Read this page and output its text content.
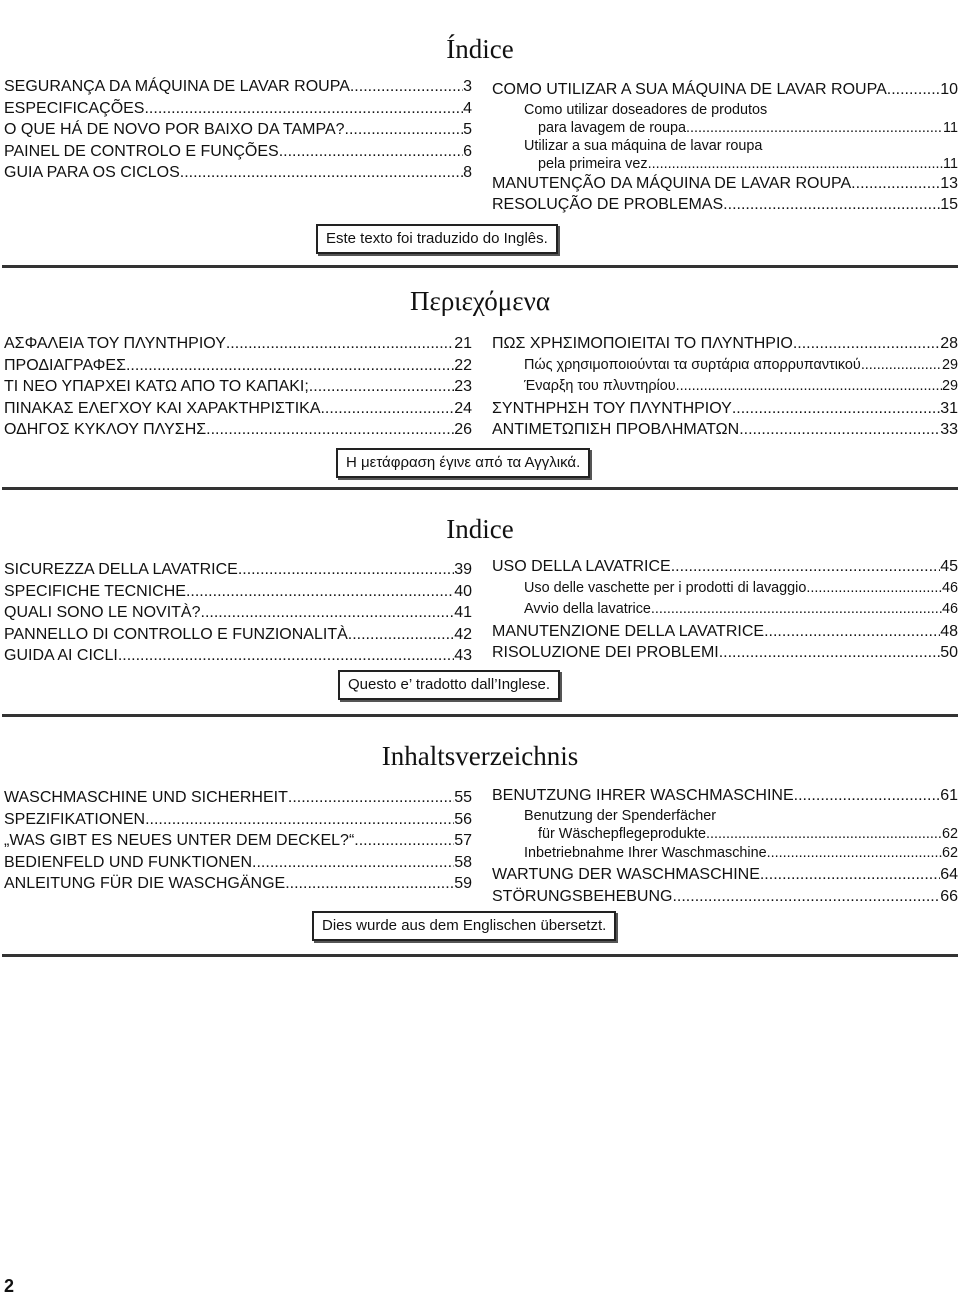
Índice
SEGURANÇA DA MÁQUINA DE LAVAR ROUPA .....	3
ESPECIFICAÇÕES .....	4
O QUE HÁ DE NOVO POR BAIXO DA TAMPA? .....	5
PAINEL DE CONTROLO E FUNÇÕES .....	6
GUIA PARA OS CICLOS .....	8
COMO UTILIZAR A SUA MÁQUINA DE LAVAR ROUPA .....	10
Como utilizar doseadores de produtos
para lavagem de roupa .....	11
Utilizar a sua máquina de lavar roupa
pela primeira vez .....	11
MANUTENÇÃO DA MÁQUINA DE LAVAR ROUPA .....	13
RESOLUÇÃO DE PROBLEMAS .....	15
Este texto foi traduzido do Inglês.
Περιεχόμενα
ΑΣΦΑΛΕΙΑ ΤΟΥ ΠΛΥΝΤΗΡΙΟΥ .....	21
ΠΡΟΔΙΑΓΡΑΦΕΣ .....	22
ΤΙ ΝΕΟ ΥΠΑΡΧΕΙ ΚΑΤΩ ΑΠΟ ΤΟ ΚΑΠΑΚΙ; .....	23
ΠΙΝΑΚΑΣ ΕΛΕΓΧΟΥ ΚΑΙ ΧΑΡΑΚΤΗΡΙΣΤΙΚΑ .....	24
ΟΔΗΓΟΣ ΚΥΚΛΟΥ ΠΛΥΣΗΣ .....	26
ΠΩΣ ΧΡΗΣΙΜΟΠΟΙΕΙΤΑΙ ΤΟ ΠΛΥΝΤΗΡΙΟ .....	28
Πώς χρησιμοποιούνται τα συρτάρια απορρυπαντικού .....	29
Έναρξη του πλυντηρίου .....	29
ΣΥΝΤΗΡΗΣΗ ΤΟΥ ΠΛΥΝΤΗΡΙΟΥ .....	31
ΑΝΤΙΜΕΤΩΠΙΣΗ ΠΡΟΒΛΗΜΑΤΩΝ .....	33
Η μετάφραση έγινε από τα Αγγλικά.
Indice
SICUREZZA DELLA LAVATRICE .....	39
SPECIFICHE TECNICHE .....	40
QUALI SONO LE NOVITÀ? .....	41
PANNELLO DI CONTROLLO E FUNZIONALITÀ .....	42
GUIDA AI CICLI .....	43
USO DELLA LAVATRICE .....	45
Uso delle vaschette per i prodotti di lavaggio .....	46
Avvio della lavatrice .....	46
MANUTENZIONE DELLA LAVATRICE .....	48
RISOLUZIONE DEI PROBLEMI .....	50
Questo e’ tradotto dall’Inglese.
Inhaltsverzeichnis
WASCHMASCHINE UND SICHERHEIT .....	55
SPEZIFIKATIONEN .....	56
„WAS GIBT ES NEUES UNTER DEM DECKEL?“ .....	57
BEDIENFELD UND FUNKTIONEN .....	58
ANLEITUNG FÜR DIE WASCHGÄNGE .....	59
BENUTZUNG IHRER WASCHMASCHINE .....	61
Benutzung der Spenderfächer
für Wäschepflegeprodukte .....	62
Inbetriebnahme Ihrer Waschmaschine .....	62
WARTUNG DER WASCHMASCHINE .....	64
STÖRUNGSBEHEBUNG .....	66
Dies wurde aus dem Englischen übersetzt.
2
